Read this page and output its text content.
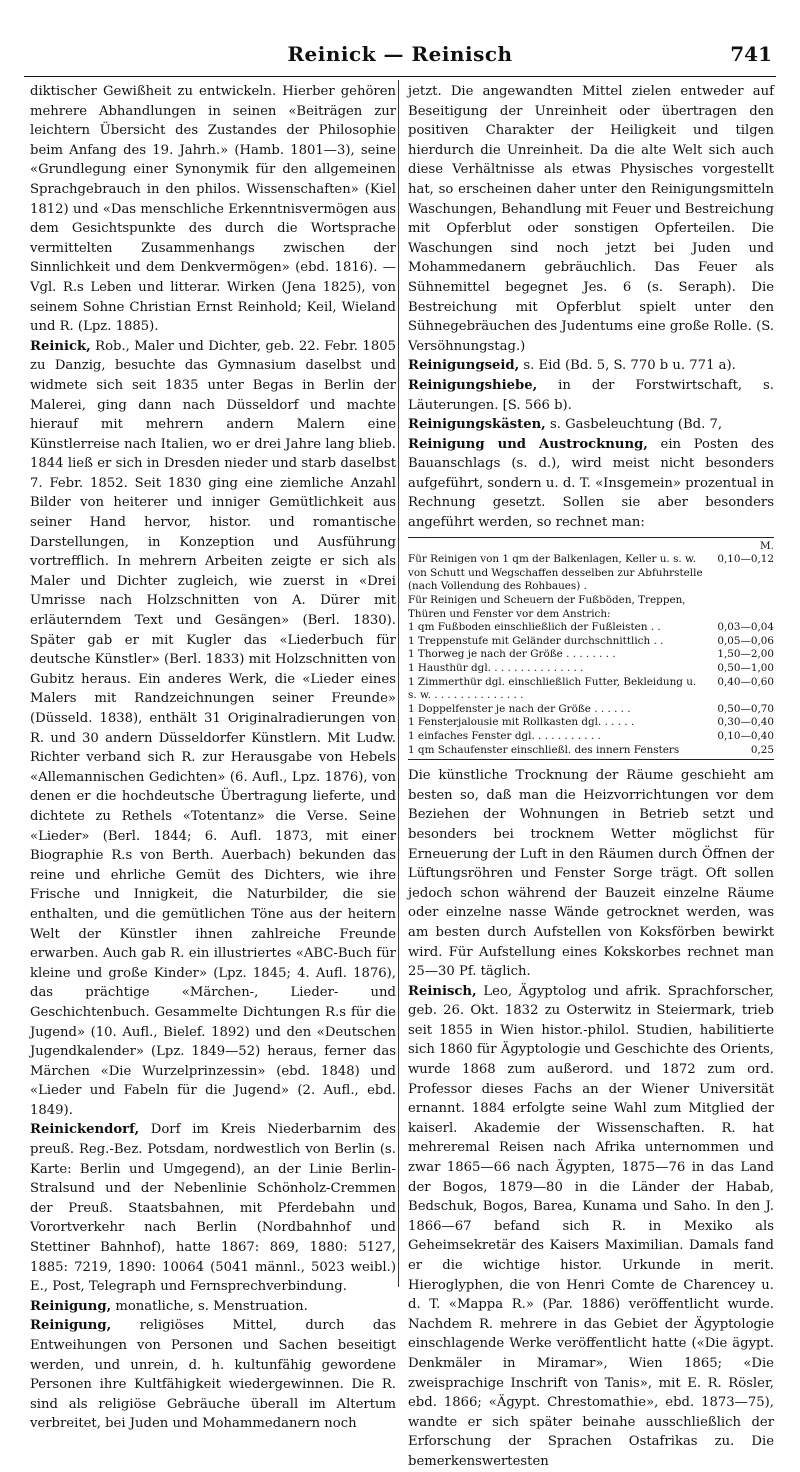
Reinick — Reinisch	741

diktischer Gewißheit zu entwickeln. Hierber gehören mehrere Abhandlungen in seinen «Beiträgen zur leichtern Übersicht des Zustandes der Philosophie beim Anfang des 19. Jahrh.» (Hamb. 1801—3), seine «Grundlegung einer Synonymik für den allgemeinen Sprachgebrauch in den philos. Wissenschaften» (Kiel 1812) und «Das menschliche Erkenntnisvermögen aus dem Gesichtspunkte des durch die Wortsprache vermittelten Zusammenhangs zwischen der Sinnlichkeit und dem Denkvermögen» (ebd. 1816). — Vgl. R.s Leben und litterar. Wirken (Jena 1825), von seinem Sohne Christian Ernst Reinhold; Keil, Wieland und R. (Lpz. 1885).

Reinick, Rob., Maler und Dichter, geb. 22. Febr. 1805 zu Danzig, besuchte das Gymnasium daselbst und widmete sich seit 1835 unter Begas in Berlin der Malerei, ging dann nach Düsseldorf und machte hierauf mit mehrern andern Malern eine Künstlerreise nach Italien, wo er drei Jahre lang blieb. 1844 ließ er sich in Dresden nieder und starb daselbst 7. Febr. 1852. Seit 1830 ging eine ziemliche Anzahl Bilder von heiterer und inniger Gemütlichkeit aus seiner Hand hervor, histor. und romantische Darstellungen, in Konzeption und Ausführung vortrefflich. In mehrern Arbeiten zeigte er sich als Maler und Dichter zugleich, wie zuerst in «Drei Umrisse nach Holzschnitten von A. Dürer mit erläuterndem Text und Gesängen» (Berl. 1830). Später gab er mit Kugler das «Liederbuch für deutsche Künstler» (Berl. 1833) mit Holzschnitten von Gubitz heraus. Ein anderes Werk, die «Lieder eines Malers mit Randzeichnungen seiner Freunde» (Düsseld. 1838), enthält 31 Originalradierungen von R. und 30 andern Düsseldorfer Künstlern. Mit Ludw. Richter verband sich R. zur Herausgabe von Hebels «Allemannischen Gedichten» (6. Aufl., Lpz. 1876), von denen er die hochdeutsche Übertragung lieferte, und dichtete zu Rethels «Totentanz» die Verse. Seine «Lieder» (Berl. 1844; 6. Aufl. 1873, mit einer Biographie R.s von Berth. Auerbach) bekunden das reine und ehrliche Gemüt des Dichters, wie ihre Frische und Innigkeit, die Naturbilder, die sie enthalten, und die gemütlichen Töne aus der heitern Welt der Künstler ihnen zahlreiche Freunde erwarben. Auch gab R. ein illustriertes «ABC-Buch für kleine und große Kinder» (Lpz. 1845; 4. Aufl. 1876), das prächtige «Märchen-, Lieder- und Geschichtenbuch. Gesammelte Dichtungen R.s für die Jugend» (10. Aufl., Bielef. 1892) und den «Deutschen Jugendkalender» (Lpz. 1849—52) heraus, ferner das Märchen «Die Wurzelprinzessin» (ebd. 1848) und «Lieder und Fabeln für die Jugend» (2. Aufl., ebd. 1849).

Reinickendorf, Dorf im Kreis Niederbarnim des preuß. Reg.-Bez. Potsdam, nordwestlich von Berlin (s. Karte: Berlin und Umgegend), an der Linie Berlin-Stralsund und der Nebenlinie Schönholz-Cremmen der Preuß. Staatsbahnen, mit Pferdebahn und Vorortverkehr nach Berlin (Nordbahnhof und Stettiner Bahnhof), hatte 1867: 869, 1880: 5127, 1885: 7219, 1890: 10064 (5041 männl., 5023 weibl.) E., Post, Telegraph und Fernsprechverbindung.

Reinigung, monatliche, s. Menstruation.

Reinigung, religiöses Mittel, durch das Entweihungen von Personen und Sachen beseitigt werden, und unrein, d. h. kultunfähig gewordene Personen ihre Kultfähigkeit wiedergewinnen. Die R. sind als religiöse Gebräuche überall im Altertum verbreitet, bei Juden und Mohammedanern noch

jetzt. Die angewandten Mittel zielen entweder auf Beseitigung der Unreinheit oder übertragen den positiven Charakter der Heiligkeit und tilgen hierdurch die Unreinheit. Da die alte Welt sich auch diese Verhältnisse als etwas Physisches vorgestellt hat, so erscheinen daher unter den Reinigungsmitteln Waschungen, Behandlung mit Feuer und Bestreichung mit Opferblut oder sonstigen Opferteilen. Die Waschungen sind noch jetzt bei Juden und Mohammedanern gebräuchlich. Das Feuer als Sühnemittel begegnet Jes. 6 (s. Seraph). Die Bestreichung mit Opferblut spielt unter den Sühnegebräuchen des Judentums eine große Rolle. (S. Versöhnungstag.)

Reinigungseid, s. Eid (Bd. 5, S. 770 b u. 771 a).

Reinigungshiebe, in der Forstwirtschaft, s. Läuterungen. [S. 566 b).

Reinigungskästen, s. Gasbeleuchtung (Bd. 7,

Reinigung und Austrocknung, ein Posten des Bauanschlags (s. d.), wird meist nicht besonders aufgeführt, sondern u. d. T. «Insgemein» prozentual in Rechnung gesetzt. Sollen sie aber besonders angeführt werden, so rechnet man:

M.
Für Reinigen von 1 qm der Balkenlagen, Keller u. s. w. von Schutt und Wegschaffen desselben zur Abfuhrstelle (nach Vollendung des Rohbaues) .
0,10—0,12
Für Reinigen und Scheuern der Fußböden, Treppen, Thüren und Fenster vor dem Anstrich:
1 qm Fußboden einschließlich der Fußleisten . .	0,03—0,04
1 Treppenstufe mit Geländer durchschnittlich . .	0,05—0,06
1 Thorweg je nach der Größe . . . . . . . .	1,50—2,00
1 Hausthür dgl. . . . . . . . . . . . . . .	0,50—1,00
1 Zimmerthür dgl. einschließlich Futter, Bekleidung u. s. w. . . . . . . . . . . . . . .
0,40—0,60
1 Doppelfenster je nach der Größe . . . . . .	0,50—0,70
1 Fensterjalousie mit Rollkasten dgl. . . . . .	0,30—0,40
1 einfaches Fenster dgl. . . . . . . . . . .	0,10—0,40
1 qm Schaufenster einschließl. des innern Fensters	0,25

Die künstliche Trocknung der Räume geschieht am besten so, daß man die Heizvorrichtungen vor dem Beziehen der Wohnungen in Betrieb setzt und besonders bei trocknem Wetter möglichst für Erneuerung der Luft in den Räumen durch Öffnen der Lüftungsröhren und Fenster Sorge trägt. Oft sollen jedoch schon während der Bauzeit einzelne Räume oder einzelne nasse Wände getrocknet werden, was am besten durch Aufstellen von Koksförben bewirkt wird. Für Aufstellung eines Kokskorbes rechnet man 25—30 Pf. täglich.

Reinisch, Leo, Ägyptolog und afrik. Sprachforscher, geb. 26. Okt. 1832 zu Osterwitz in Steiermark, trieb seit 1855 in Wien histor.-philol. Studien, habilitierte sich 1860 für Ägyptologie und Geschichte des Orients, wurde 1868 zum außerord. und 1872 zum ord. Professor dieses Fachs an der Wiener Universität ernannt. 1884 erfolgte seine Wahl zum Mitglied der kaiserl. Akademie der Wissenschaften. R. hat mehreremal Reisen nach Afrika unternommen und zwar 1865—66 nach Ägypten, 1875—76 in das Land der Bogos, 1879—80 in die Länder der Habab, Bedschuk, Bogos, Barea, Kunama und Saho. In den J. 1866—67 befand sich R. in Mexiko als Geheimsekretär des Kaisers Maximilian. Damals fand er die wichtige histor. Urkunde in merit. Hieroglyphen, die von Henri Comte de Charencey u. d. T. «Mappa R.» (Par. 1886) veröffentlicht wurde. Nachdem R. mehrere in das Gebiet der Ägyptologie einschlagende Werke veröffentlicht hatte («Die ägypt. Denkmäler in Miramar», Wien 1865; «Die zweisprachige Inschrift von Tanis», mit E. R. Rösler, ebd. 1866; «Ägypt. Chrestomathie», ebd. 1873—75), wandte er sich später beinahe ausschließlich der Erforschung der Sprachen Ostafrikas zu. Die bemerkenswertesten
